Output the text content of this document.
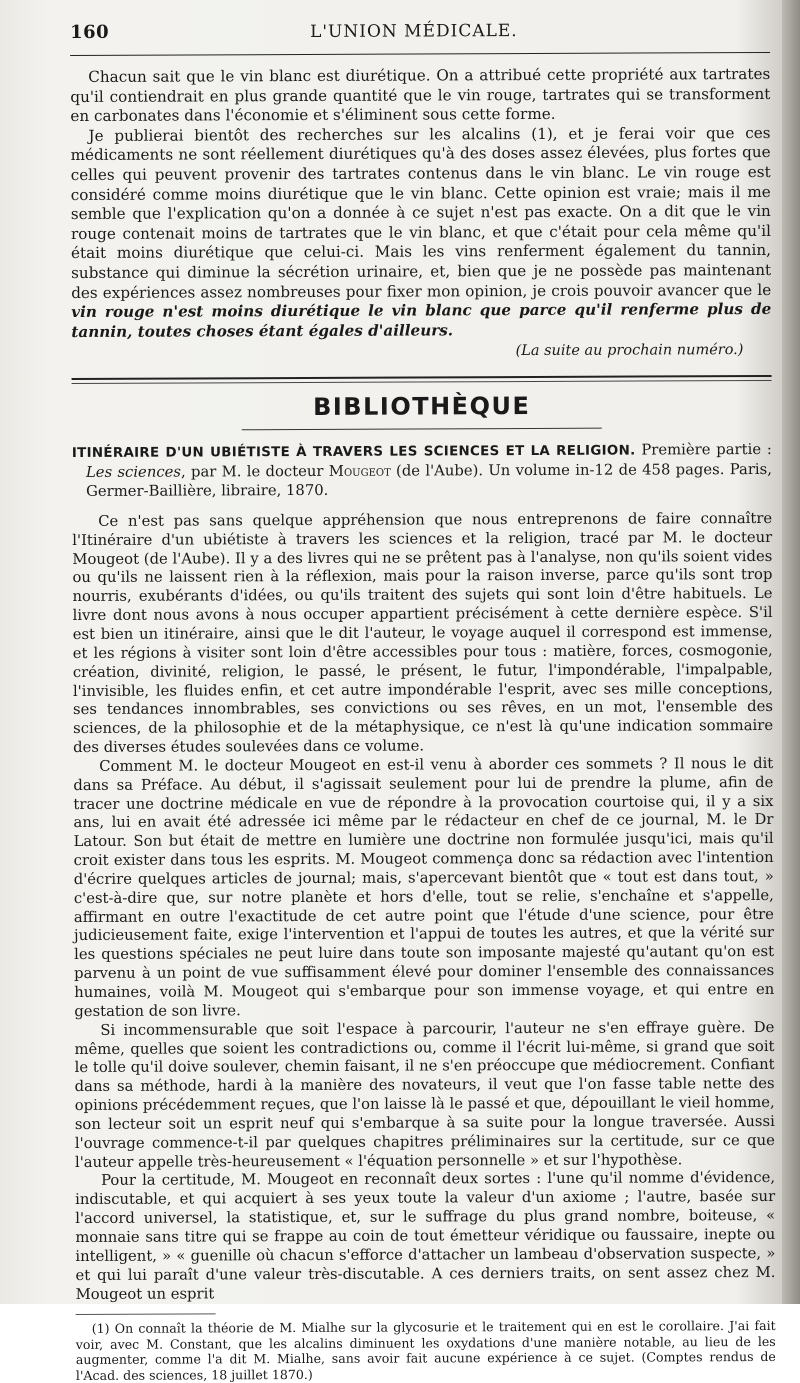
160	L'UNION MÉDICALE.

Chacun sait que le vin blanc est diurétique. On a attribué cette propriété aux tartrates qu'il contiendrait en plus grande quantité que le vin rouge, tartrates qui se transforment en carbonates dans l'économie et s'éliminent sous cette forme.

Je publierai bientôt des recherches sur les alcalins (1), et je ferai voir que ces médicaments ne sont réellement diurétiques qu'à des doses assez élevées, plus fortes que celles qui peuvent provenir des tartrates contenus dans le vin blanc. Le vin rouge est considéré comme moins diurétique que le vin blanc. Cette opinion est vraie; mais il me semble que l'explication qu'on a donnée à ce sujet n'est pas exacte. On a dit que le vin rouge contenait moins de tartrates que le vin blanc, et que c'était pour cela même qu'il était moins diurétique que celui-ci. Mais les vins renferment également du tannin, substance qui diminue la sécrétion urinaire, et, bien que je ne possède pas maintenant des expériences assez nombreuses pour fixer mon opinion, je crois pouvoir avancer que le vin rouge n'est moins diurétique le vin blanc que parce qu'il renferme plus de tannin, toutes choses étant égales d'ailleurs.

(La suite au prochain numéro.)

BIBLIOTHÈQUE

ITINÉRAIRE D'UN UBIÉTISTE À TRAVERS LES SCIENCES ET LA RELIGION. Première partie : Les sciences, par M. le docteur Mougeot (de l'Aube). Un volume in-12 de 458 pages. Paris, Germer-Baillière, libraire, 1870.

Ce n'est pas sans quelque appréhension que nous entreprenons de faire connaître l'Itinéraire d'un ubiétiste à travers les sciences et la religion, tracé par M. le docteur Mougeot (de l'Aube). Il y a des livres qui ne se prêtent pas à l'analyse, non qu'ils soient vides ou qu'ils ne laissent rien à la réflexion, mais pour la raison inverse, parce qu'ils sont trop nourris, exubérants d'idées, ou qu'ils traitent des sujets qui sont loin d'être habituels. Le livre dont nous avons à nous occuper appartient précisément à cette dernière espèce. S'il est bien un itinéraire, ainsi que le dit l'auteur, le voyage auquel il correspond est immense, et les régions à visiter sont loin d'être accessibles pour tous : matière, forces, cosmogonie, création, divinité, religion, le passé, le présent, le futur, l'impondérable, l'impalpable, l'invisible, les fluides enfin, et cet autre impondérable l'esprit, avec ses mille conceptions, ses tendances innombrables, ses convictions ou ses rêves, en un mot, l'ensemble des sciences, de la philosophie et de la métaphysique, ce n'est là qu'une indication sommaire des diverses études soulevées dans ce volume.

Comment M. le docteur Mougeot en est-il venu à aborder ces sommets ? Il nous le dit dans sa Préface. Au début, il s'agissait seulement pour lui de prendre la plume, afin de tracer une doctrine médicale en vue de répondre à la provocation courtoise qui, il y a six ans, lui en avait été adressée ici même par le rédacteur en chef de ce journal, M. le Dr Latour. Son but était de mettre en lumière une doctrine non formulée jusqu'ici, mais qu'il croit exister dans tous les esprits. M. Mougeot commença donc sa rédaction avec l'intention d'écrire quelques articles de journal; mais, s'apercevant bientôt que « tout est dans tout, » c'est-à-dire que, sur notre planète et hors d'elle, tout se relie, s'enchaîne et s'appelle, affirmant en outre l'exactitude de cet autre point que l'étude d'une science, pour être judicieusement faite, exige l'intervention et l'appui de toutes les autres, et que la vérité sur les questions spéciales ne peut luire dans toute son imposante majesté qu'autant qu'on est parvenu à un point de vue suffisamment élevé pour dominer l'ensemble des connaissances humaines, voilà M. Mougeot qui s'embarque pour son immense voyage, et qui entre en gestation de son livre.

Si incommensurable que soit l'espace à parcourir, l'auteur ne s'en effraye guère. De même, quelles que soient les contradictions ou, comme il l'écrit lui-même, si grand que soit le tolle qu'il doive soulever, chemin faisant, il ne s'en préoccupe que médiocrement. Confiant dans sa méthode, hardi à la manière des novateurs, il veut que l'on fasse table nette des opinions précédemment reçues, que l'on laisse là le passé et que, dépouillant le vieil homme, son lecteur soit un esprit neuf qui s'embarque à sa suite pour la longue traversée. Aussi l'ouvrage commence-t-il par quelques chapitres préliminaires sur la certitude, sur ce que l'auteur appelle très-heureusement « l'équation personnelle » et sur l'hypothèse.

Pour la certitude, M. Mougeot en reconnaît deux sortes : l'une qu'il nomme d'évidence, indiscutable, et qui acquiert à ses yeux toute la valeur d'un axiome ; l'autre, basée sur l'accord universel, la statistique, et, sur le suffrage du plus grand nombre, boiteuse, « monnaie sans titre qui se frappe au coin de tout émetteur véridique ou faussaire, inepte ou intelligent, » « guenille où chacun s'efforce d'attacher un lambeau d'observation suspecte, » et qui lui paraît d'une valeur très-discutable. A ces derniers traits, on sent assez chez M. Mougeot un esprit

(1) On connaît la théorie de M. Mialhe sur la glycosurie et le traitement qui en est le corollaire. J'ai fait voir, avec M. Constant, que les alcalins diminuent les oxydations d'une manière notable, au lieu de les augmenter, comme l'a dit M. Mialhe, sans avoir fait aucune expérience à ce sujet. (Comptes rendus de l'Acad. des sciences, 18 juillet 1870.)
